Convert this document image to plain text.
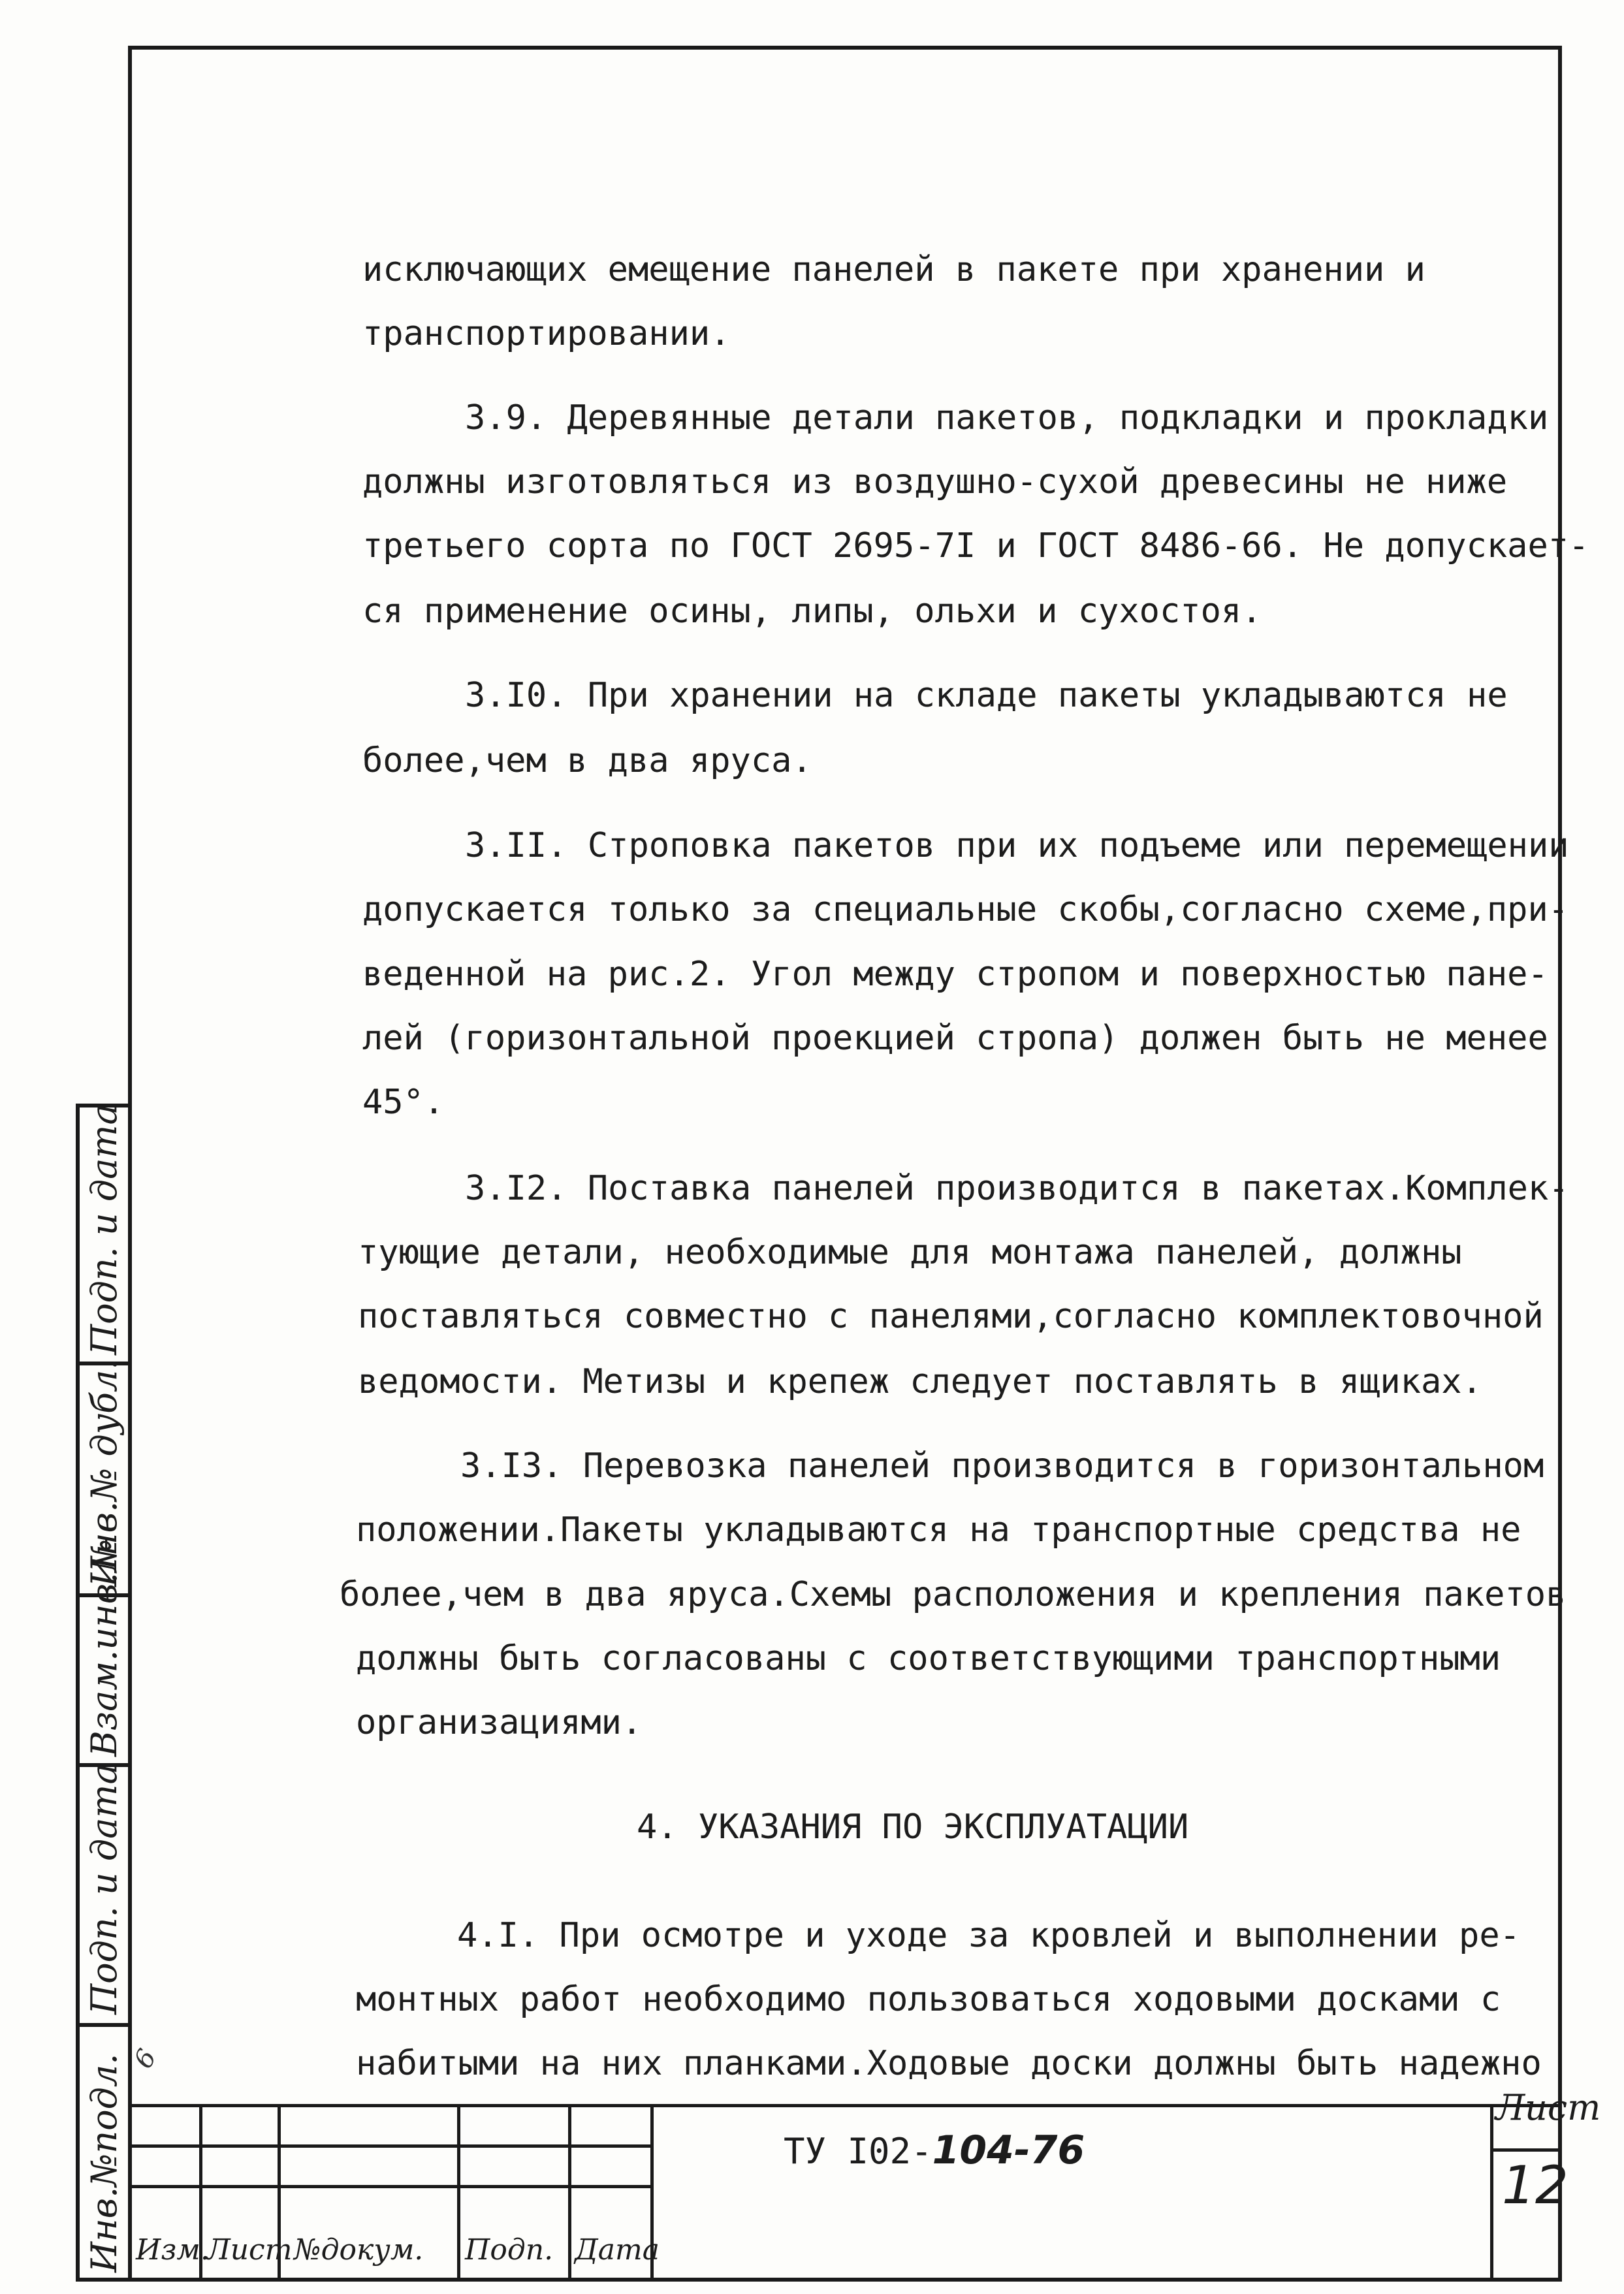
исключающих емещение панелей в пакете при хранении и
транспортировании.
3.9. Деревянные детали пакетов, подкладки и прокладки
должны изготовляться из воздушно-сухой древесины не ниже
третьего сорта по ГОСТ 2695-7I и ГОСТ 8486-66. Не допускает-
ся применение осины, липы, ольхи и сухостоя.
3.I0. При хранении на складе пакеты укладываются не
более,чем в два яруса.
3.II. Строповка пакетов при их подъеме или перемещении
допускается только за специальные скобы,согласно схеме,при-
веденной на рис.2. Угол между стропом и поверхностью пане-
лей (горизонтальной проекцией стропа) должен быть не менее
45°.
3.I2. Поставка панелей производится в пакетах.Комплек-
тующие детали, необходимые для монтажа панелей, должны
поставляться совместно с панелями,согласно комплектовочной
ведомости. Метизы и крепеж следует поставлять в ящиках.
3.I3. Перевозка панелей производится в горизонтальном
положении.Пакеты укладываются на транспортные средства не
более,чем в два яруса.Схемы расположения и крепления пакетов
должны быть согласованы с соответствующими транспортными
организациями.
4. УКАЗАНИЯ ПО ЭКСПЛУАТАЦИИ
4.I. При осмотре и уходе за кровлей и выполнении ре-
монтных работ необходимо пользоваться ходовыми досками с
набитыми на них планками.Ходовые доски должны быть надежно
Инв.№подл.
Подп. и дата
Взам.инв.№
Инв.№ дубл.
Подп. и дата
6
Изм.
Лист №докум. Подп. Дата
ТУ I02-104-76
Лист
12
